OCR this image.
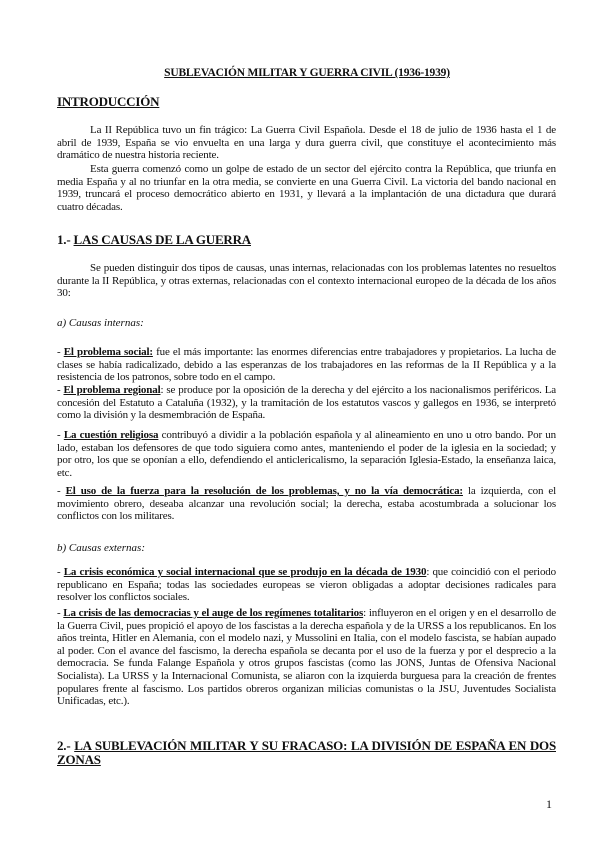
SUBLEVACIÓN MILITAR Y GUERRA CIVIL (1936-1939)
INTRODUCCIÓN
La II República tuvo un fin trágico: La Guerra Civil Española. Desde el 18 de julio de 1936 hasta el 1 de abril de 1939, España se vio envuelta en una larga y dura guerra civil, que constituye el acontecimiento más dramático de nuestra historia reciente.
Esta guerra comenzó como un golpe de estado de un sector del ejército contra la República, que triunfa en media España y al no triunfar en la otra media, se convierte en una Guerra Civil. La victoria del bando nacional en 1939, truncará el proceso democrático abierto en 1931, y llevará a la implantación de una dictadura que durará cuatro décadas.
1.- LAS CAUSAS DE LA GUERRA
Se pueden distinguir dos tipos de causas, unas internas, relacionadas con los problemas latentes no resueltos durante la II República, y otras externas, relacionadas con el contexto internacional europeo de la década de los años 30:
a) Causas internas:
- El problema social: fue el más importante: las enormes diferencias entre trabajadores y propietarios. La lucha de clases se había radicalizado, debido a las esperanzas de los trabajadores en las reformas de la II República y a la resistencia de los patronos, sobre todo en el campo.
- El problema regional: se produce por la oposición de la derecha y del ejército a los nacionalismos periféricos. La concesión del Estatuto a Cataluña (1932), y la tramitación de los estatutos vascos y gallegos en 1936, se interpretó como la división y la desmembración de España.
- La cuestión religiosa contribuyó a dividir a la población española y al alineamiento en uno u otro bando. Por un lado, estaban los defensores de que todo siguiera como antes, manteniendo el poder de la iglesia en la sociedad; y por otro, los que se oponían a ello, defendiendo el anticlericalismo, la separación Iglesia-Estado, la enseñanza laica, etc.
- El uso de la fuerza para la resolución de los problemas, y no la vía democrática: la izquierda, con el movimiento obrero, deseaba alcanzar una revolución social; la derecha, estaba acostumbrada a solucionar los conflictos con los militares.
b) Causas externas:
- La crisis económica y social internacional que se produjo en la década de 1930: que coincidió con el periodo republicano en España; todas las sociedades europeas se vieron obligadas a adoptar decisiones radicales para resolver los conflictos sociales.
- La crisis de las democracias y el auge de los regímenes totalitarios: influyeron en el origen y en el desarrollo de la Guerra Civil, pues propició el apoyo de los fascistas a la derecha española y de la URSS a los republicanos. En los años treinta, Hitler en Alemania, con el modelo nazi, y Mussolini en Italia, con el modelo fascista, se habían aupado al poder. Con el avance del fascismo, la derecha española se decanta por el uso de la fuerza y por el desprecio a la democracia. Se funda Falange Española y otros grupos fascistas (como las JONS, Juntas de Ofensiva Nacional Socialista). La URSS y la Internacional Comunista, se aliaron con la izquierda burguesa para la creación de frentes populares frente al fascismo. Los partidos obreros organizan milicias comunistas o la JSU, Juventudes Socialista Unificadas, etc.).
2.- LA SUBLEVACIÓN MILITAR Y SU FRACASO: LA DIVISIÓN DE ESPAÑA EN DOS ZONAS
1
